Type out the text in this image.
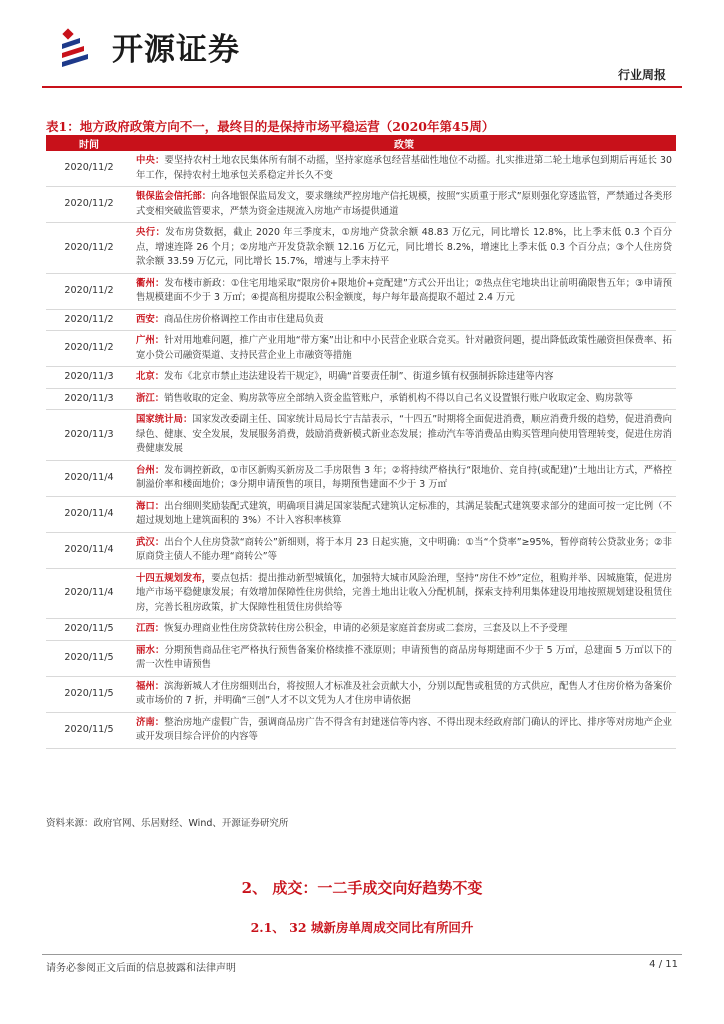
开源证券
行业周报
表1：地方政府政策方向不一，最终目的是保持市场平稳运营（2020年第45周）
时间	政策
2020/11/2	中央：要坚持农村土地农民集体所有制不动摇，坚持家庭承包经营基础性地位不动摇。扎实推进第二轮土地承包到期后再延长 30 年工作，保持农村土地承包关系稳定并长久不变
2020/11/2	银保监会信托部：向各地银保监局发文，要求继续严控房地产信托规模，按照“实质重于形式”原则强化穿透监管，严禁通过各类形式变相突破监管要求，严禁为资金违规流入房地产市场提供通道
2020/11/2	央行：发布房贷数据，截止 2020 年三季度末，①房地产贷款余额 48.83 万亿元，同比增长 12.8%，比上季末低 0.3 个百分点，增速连降 26 个月；②房地产开发贷款余额 12.16 万亿元，同比增长 8.2%，增速比上季末低 0.3 个百分点；③个人住房贷款余额 33.59 万亿元，同比增长 15.7%，增速与上季末持平
2020/11/2	衢州：发布楼市新政：①住宅用地采取“限房价+限地价+竞配建”方式公开出让；②热点住宅地块出让前明确限售五年；③申请预售规模建面不少于 3 万㎡；④提高租房提取公积金额度，每户每年最高提取不超过 2.4 万元
2020/11/2	西安：商品住房价格调控工作由市住建局负责
2020/11/2	广州：针对用地难问题，推广产业用地“带方案”出让和中小民营企业联合竞买。针对融资问题，提出降低政策性融资担保费率、拓宽小贷公司融资渠道、支持民营企业上市融资等措施
2020/11/3	北京：发布《北京市禁止违法建设若干规定》，明确“首要责任制”、街道乡镇有权强制拆除违建等内容
2020/11/3	浙江：销售收取的定金、购房款等应全部纳入资金监管账户，承销机构不得以自己名义设置银行账户收取定金、购房款等
2020/11/3	国家统计局：国家发改委副主任、国家统计局局长宁吉喆表示，“十四五”时期将全面促进消费，顺应消费升级的趋势，促进消费向绿色、健康、安全发展，发展服务消费，鼓励消费新模式新业态发展；推动汽车等消费品由购买管理向使用管理转变，促进住房消费健康发展
2020/11/4	台州：发布调控新政，①市区新购买新房及二手房限售 3 年；②将持续严格执行“限地价、竞自持(或配建)”土地出让方式，严格控制溢价率和楼面地价；③分期申请预售的项目，每期预售建面不少于 3 万㎡
2020/11/4	海口：出台细则奖励装配式建筑，明确项目满足国家装配式建筑认定标准的，其满足装配式建筑要求部分的建面可按一定比例（不超过规划地上建筑面积的 3%）不计入容积率核算
2020/11/4	武汉：出台个人住房贷款“商转公”新细则，将于本月 23 日起实施，文中明确：①当“个贷率”≥95%，暂停商转公贷款业务；②非原商贷主债人不能办理“商转公”等
2020/11/4	十四五规划发布，要点包括：提出推动新型城镇化，加强特大城市风险治理，坚持“房住不炒”定位，租购并举、因城施策，促进房地产市场平稳健康发展；有效增加保障性住房供给，完善土地出让收入分配机制，探索支持利用集体建设用地按照规划建设租赁住房，完善长租房政策，扩大保障性租赁住房供给等
2020/11/5	江西：恢复办理商业性住房贷款转住房公积金，申请的必须是家庭首套房或二套房，三套及以上不予受理
2020/11/5	丽水：分期预售商品住宅严格执行预售备案价格续推不涨原则；申请预售的商品房每期建面不少于 5 万㎡，总建面 5 万㎡以下的需一次性申请预售
2020/11/5	福州：滨海新城人才住房细则出台，将按照人才标准及社会贡献大小，分别以配售或租赁的方式供应，配售人才住房价格为备案价或市场价的 7 折，并明确“三创”人才不以文凭为人才住房申请依据
2020/11/5	济南：整治房地产虚假广告，强调商品房广告不得含有封建迷信等内容、不得出现未经政府部门确认的评比、排序等对房地产企业或开发项目综合评价的内容等
资料来源：政府官网、乐居财经、Wind、开源证券研究所
2、 成交：一二手成交向好趋势不变
2.1、 32 城新房单周成交同比有所回升
请务必参阅正文后面的信息披露和法律声明	4 / 11
